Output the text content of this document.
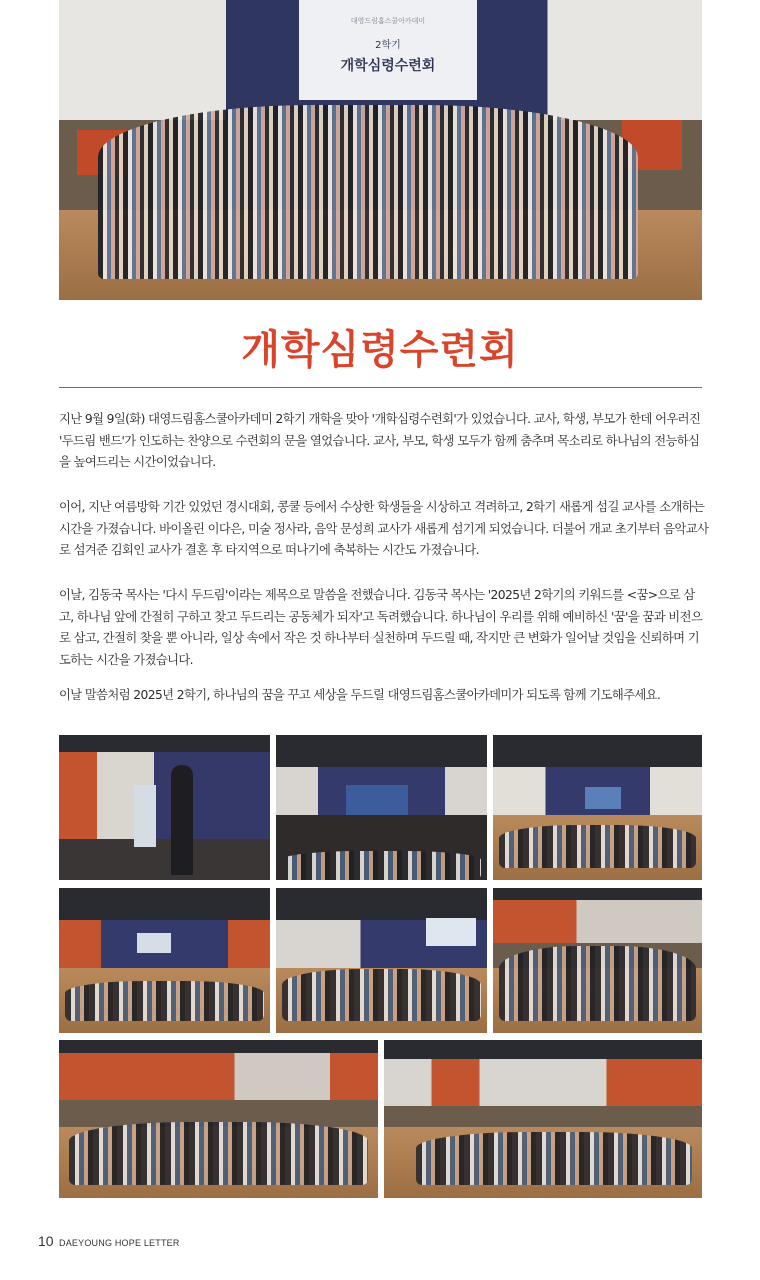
대영드림홈스쿨아카데미
2학기
개학심령수련회
개학심령수련회

지난 9월 9일(화) 대영드림홈스쿨아카데미 2학기 개학을 맞아 '개학심령수련회'가 있었습니다. 교사, 학생, 부모가 한데 어우러진 '두드림 밴드'가 인도하는 찬양으로 수련회의 문을 열었습니다. 교사, 부모, 학생 모두가 함께 춤추며 목소리로 하나님의 전능하심을 높여드리는 시간이었습니다.

이어, 지난 여름방학 기간 있었던 경시대회, 콩쿨 등에서 수상한 학생들을 시상하고 격려하고, 2학기 새롭게 섬길 교사를 소개하는 시간을 가졌습니다. 바이올린 이다은, 미술 정사라, 음악 문성희 교사가 새롭게 섬기게 되었습니다. 더불어 개교 초기부터 음악교사로 섬겨준 김회인 교사가 결혼 후 타지역으로 떠나기에 축복하는 시간도 가졌습니다.

이날, 김동국 목사는 '다시 두드림'이라는 제목으로 말씀을 전했습니다. 김동국 목사는 '2025년 2학기의 키워드를 <꿈>으로 삼고, 하나님 앞에 간절히 구하고 찾고 두드리는 공동체가 되자'고 독려했습니다. 하나님이 우리를 위해 예비하신 '꿈'을 꿈과 비전으로 삼고, 간절히 찾을 뿐 아니라, 일상 속에서 작은 것 하나부터 실천하며 두드릴 때, 작지만 큰 변화가 일어날 것임을 신뢰하며 기도하는 시간을 가졌습니다.

이날 말씀처럼 2025년 2학기, 하나님의 꿈을 꾸고 세상을 두드릴 대영드림홈스쿨아카데미가 되도록 함께 기도해주세요.

10 DAEYOUNG HOPE LETTER
